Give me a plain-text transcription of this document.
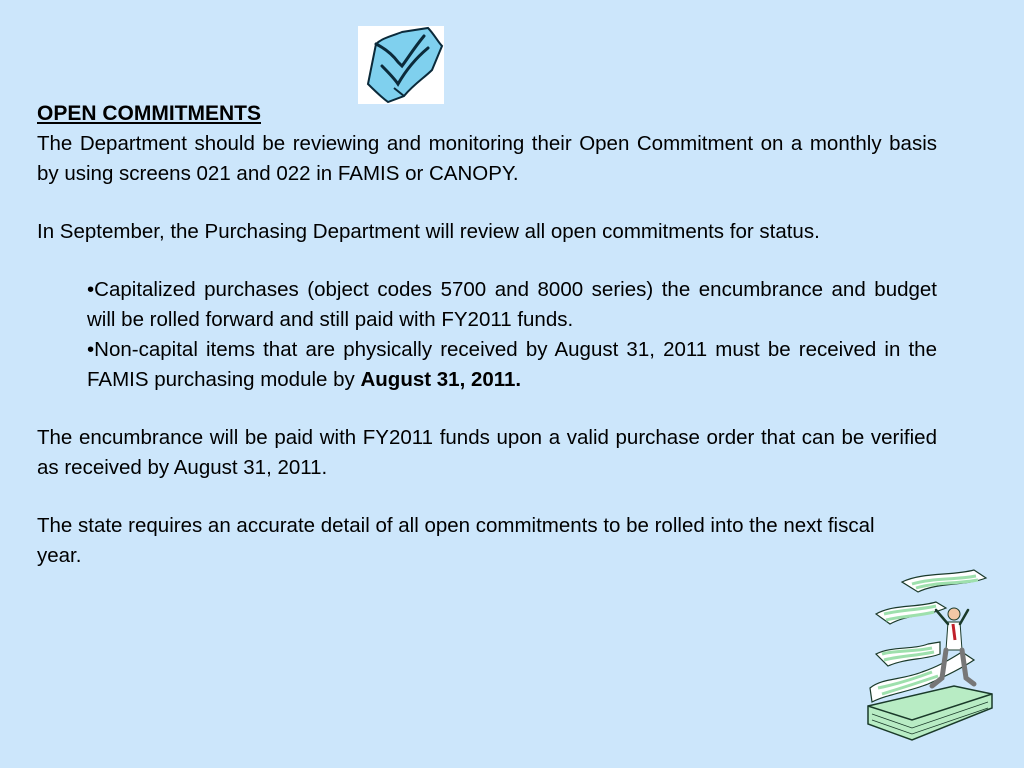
OPEN COMMITMENTS

The Department should be reviewing and monitoring their Open Commitment on a monthly basis by using screens 021 and 022 in FAMIS or CANOPY.

In September, the Purchasing Department will review all open commitments for status.

•Capitalized purchases (object codes 5700 and 8000 series) the encumbrance and budget will be rolled forward and still paid with FY2011 funds.

•Non-capital items that are physically received by August 31, 2011 must be received in the FAMIS purchasing module by August 31, 2011.

The encumbrance will be paid with FY2011 funds upon a valid purchase order that can be verified as received by August 31, 2011.

The state requires an accurate detail of all open commitments to be rolled into the next fiscal year.
